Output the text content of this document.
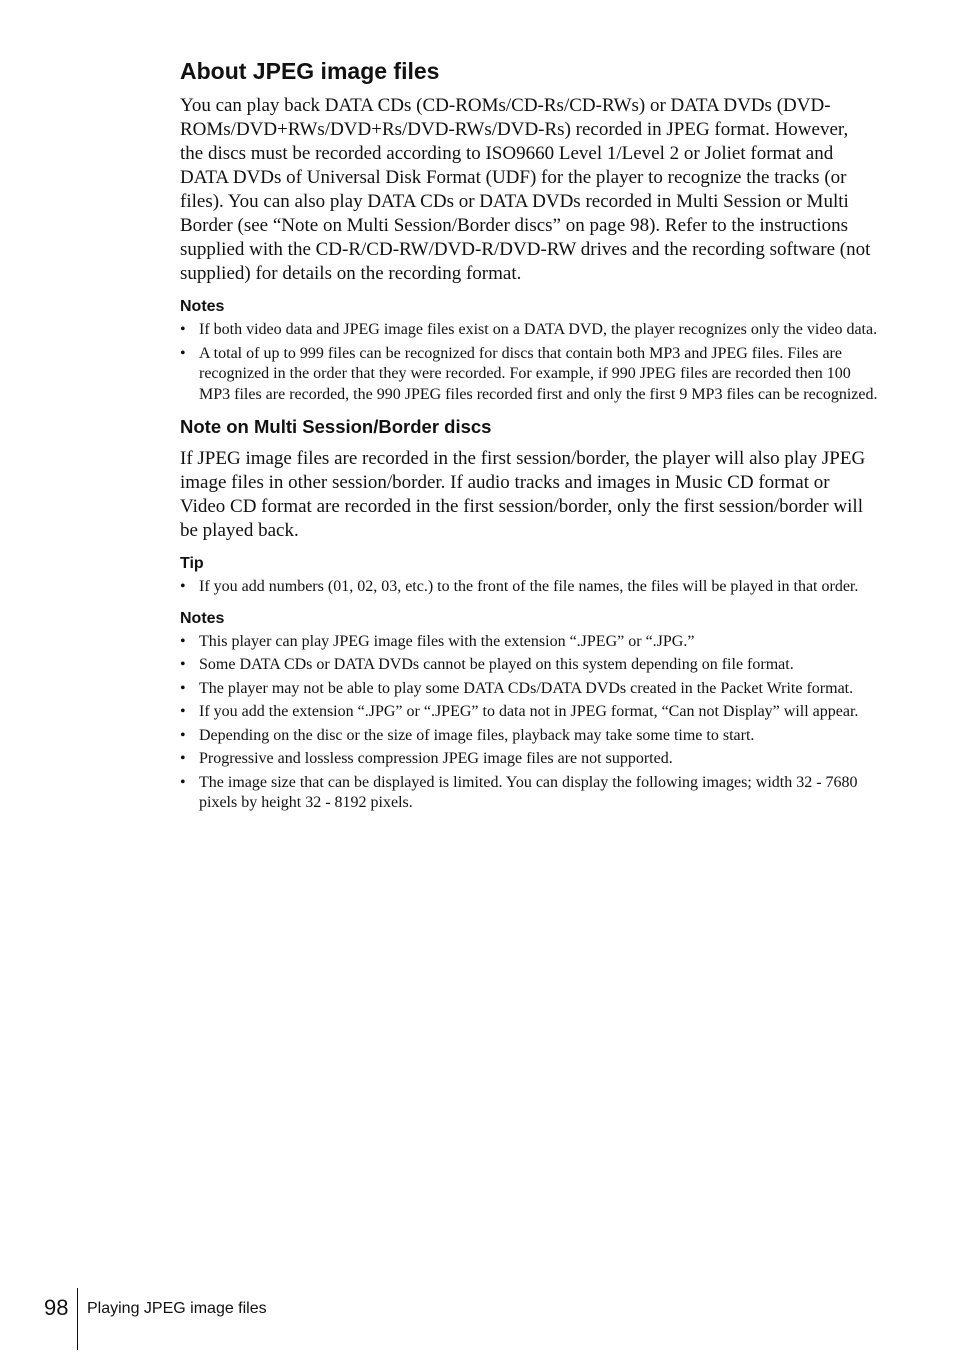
About JPEG image files

You can play back DATA CDs (CD-ROMs/CD-Rs/CD-RWs) or DATA DVDs (DVD-ROMs/DVD+RWs/DVD+Rs/DVD-RWs/DVD-Rs) recorded in JPEG format. However, the discs must be recorded according to ISO9660 Level 1/Level 2 or Joliet format and DATA DVDs of Universal Disk Format (UDF) for the player to recognize the tracks (or files). You can also play DATA CDs or DATA DVDs recorded in Multi Session or Multi Border (see “Note on Multi Session/Border discs” on page 98). Refer to the instructions supplied with the CD-R/CD-RW/DVD-R/DVD-RW drives and the recording software (not supplied) for details on the recording format.

Notes
• If both video data and JPEG image files exist on a DATA DVD, the player recognizes only the video data.
• A total of up to 999 files can be recognized for discs that contain both MP3 and JPEG files. Files are recognized in the order that they were recorded. For example, if 990 JPEG files are recorded then 100 MP3 files are recorded, the 990 JPEG files recorded first and only the first 9 MP3 files can be recognized.
Note on Multi Session/Border discs

If JPEG image files are recorded in the first session/border, the player will also play JPEG image files in other session/border. If audio tracks and images in Music CD format or Video CD format are recorded in the first session/border, only the first session/border will be played back.

Tip
• If you add numbers (01, 02, 03, etc.) to the front of the file names, the files will be played in that order.
Notes
• This player can play JPEG image files with the extension “.JPEG” or “.JPG.”
• Some DATA CDs or DATA DVDs cannot be played on this system depending on file format.
• The player may not be able to play some DATA CDs/DATA DVDs created in the Packet Write format.
• If you add the extension “.JPG” or “.JPEG” to data not in JPEG format, “Can not Display” will appear.
• Depending on the disc or the size of image files, playback may take some time to start.
• Progressive and lossless compression JPEG image files are not supported.
• The image size that can be displayed is limited. You can display the following images; width 32 - 7680 pixels by height 32 - 8192 pixels.
98 Playing JPEG image files
